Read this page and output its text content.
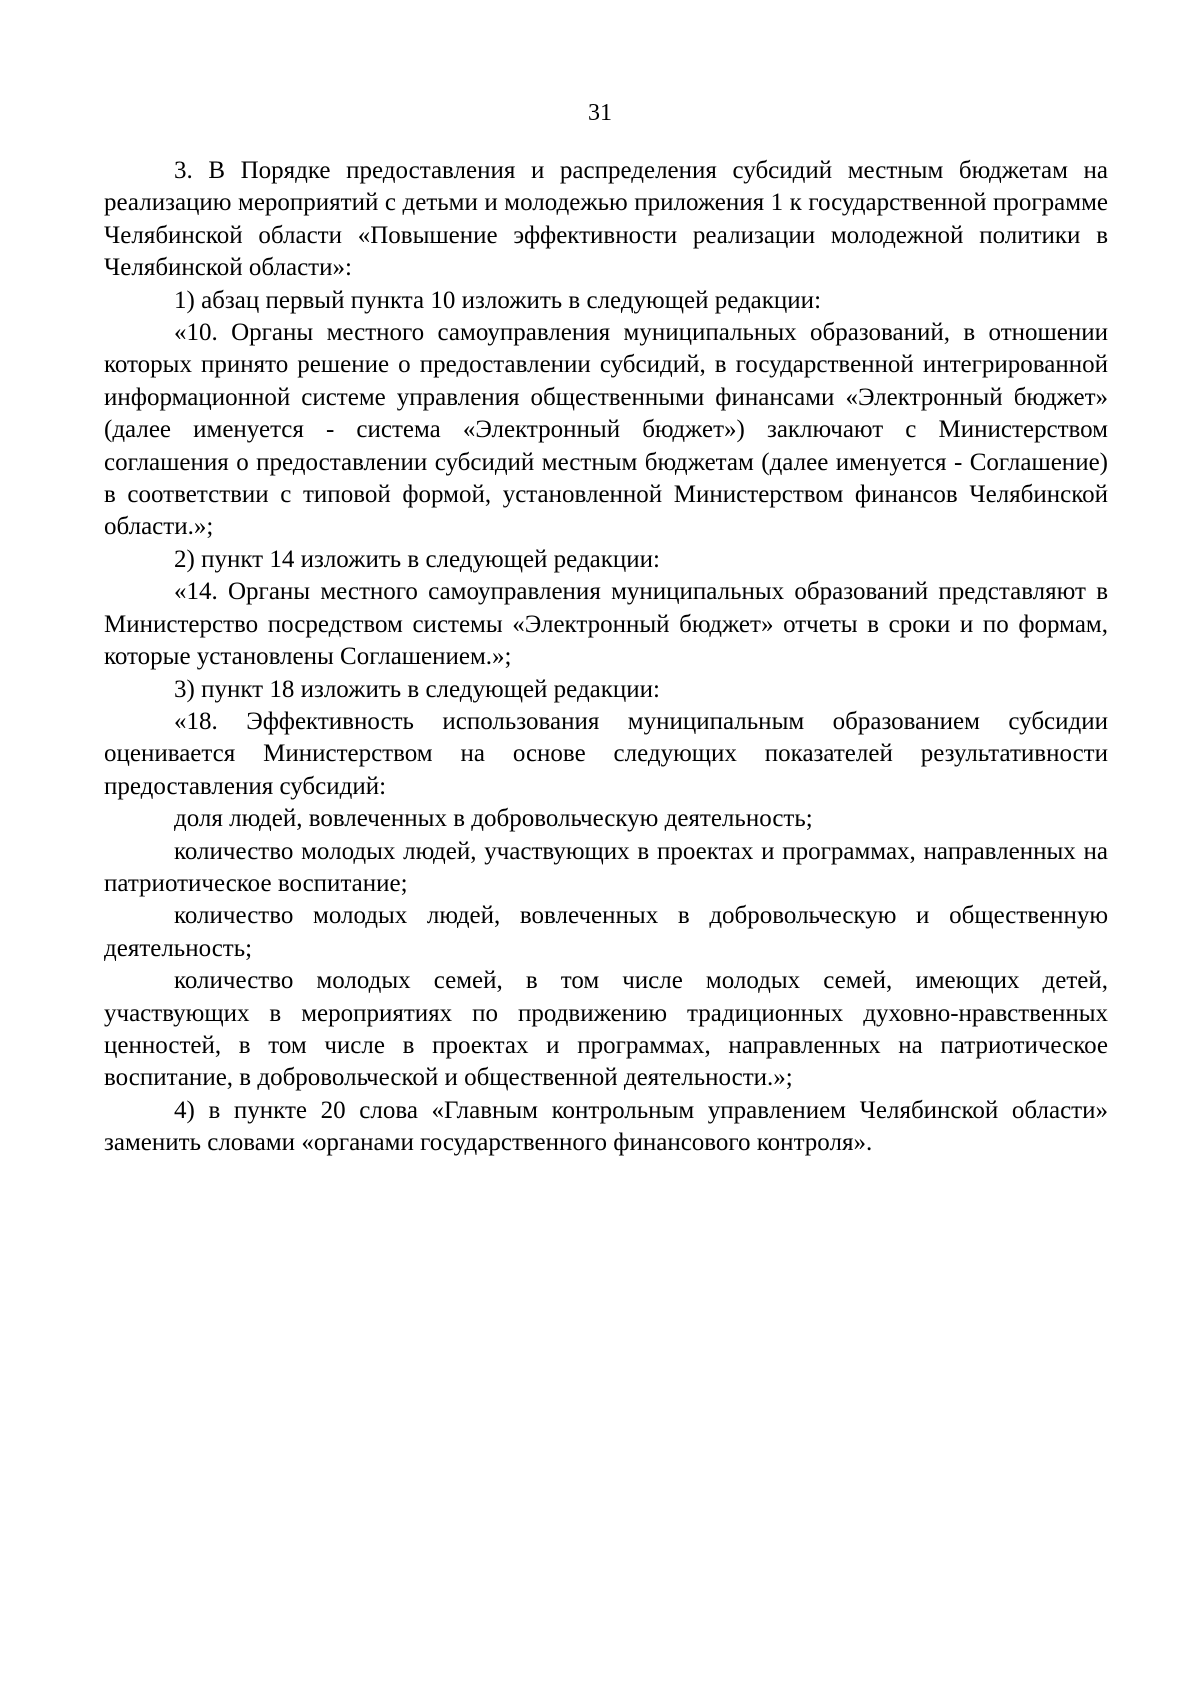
31

3. В Порядке предоставления и распределения субсидий местным бюджетам на реализацию мероприятий с детьми и молодежью приложения 1 к государственной программе Челябинской области «Повышение эффективности реализации молодежной политики в Челябинской области»:

1) абзац первый пункта 10 изложить в следующей редакции:

«10. Органы местного самоуправления муниципальных образований, в отношении которых принято решение о предоставлении субсидий, в государственной интегрированной информационной системе управления общественными финансами «Электронный бюджет» (далее именуется - система «Электронный бюджет») заключают с Министерством соглашения о предоставлении субсидий местным бюджетам (далее именуется - Соглашение) в соответствии с типовой формой, установленной Министерством финансов Челябинской области.»;

2) пункт 14 изложить в следующей редакции:

«14. Органы местного самоуправления муниципальных образований представляют в Министерство посредством системы «Электронный бюджет» отчеты в сроки и по формам, которые установлены Соглашением.»;

3) пункт 18 изложить в следующей редакции:

«18. Эффективность использования муниципальным образованием субсидии оценивается Министерством на основе следующих показателей результативности предоставления субсидий:

доля людей, вовлеченных в добровольческую деятельность;

количество молодых людей, участвующих в проектах и программах, направленных на патриотическое воспитание;

количество молодых людей, вовлеченных в добровольческую и общественную деятельность;

количество молодых семей, в том числе молодых семей, имеющих детей, участвующих в мероприятиях по продвижению традиционных духовно-нравственных ценностей, в том числе в проектах и программах, направленных на патриотическое воспитание, в добровольческой и общественной деятельности.»;

4) в пункте 20 слова «Главным контрольным управлением Челябинской области» заменить словами «органами государственного финансового контроля».
